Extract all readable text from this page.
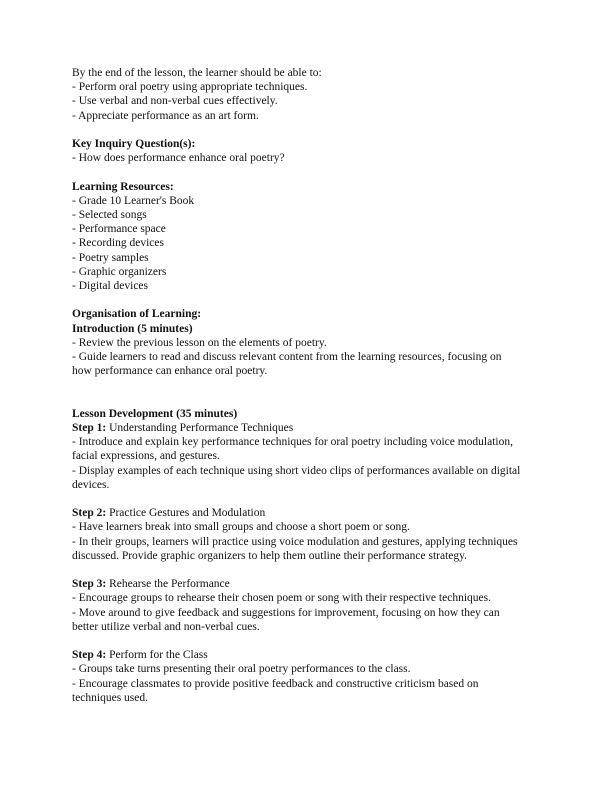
By the end of the lesson, the learner should be able to:
- Perform oral poetry using appropriate techniques.
- Use verbal and non-verbal cues effectively.
- Appreciate performance as an art form.
Key Inquiry Question(s):
- How does performance enhance oral poetry?
Learning Resources:
- Grade 10 Learner's Book
- Selected songs
- Performance space
- Recording devices
- Poetry samples
- Graphic organizers
- Digital devices
Organisation of Learning:
Introduction (5 minutes)
- Review the previous lesson on the elements of poetry.
- Guide learners to read and discuss relevant content from the learning resources, focusing on
how performance can enhance oral poetry.
Lesson Development (35 minutes)
Step 1: Understanding Performance Techniques
- Introduce and explain key performance techniques for oral poetry including voice modulation,
facial expressions, and gestures.
- Display examples of each technique using short video clips of performances available on digital
devices.
Step 2: Practice Gestures and Modulation
- Have learners break into small groups and choose a short poem or song.
- In their groups, learners will practice using voice modulation and gestures, applying techniques
discussed. Provide graphic organizers to help them outline their performance strategy.
Step 3: Rehearse the Performance
- Encourage groups to rehearse their chosen poem or song with their respective techniques.
- Move around to give feedback and suggestions for improvement, focusing on how they can
better utilize verbal and non-verbal cues.
Step 4: Perform for the Class
- Groups take turns presenting their oral poetry performances to the class.
- Encourage classmates to provide positive feedback and constructive criticism based on
techniques used.
